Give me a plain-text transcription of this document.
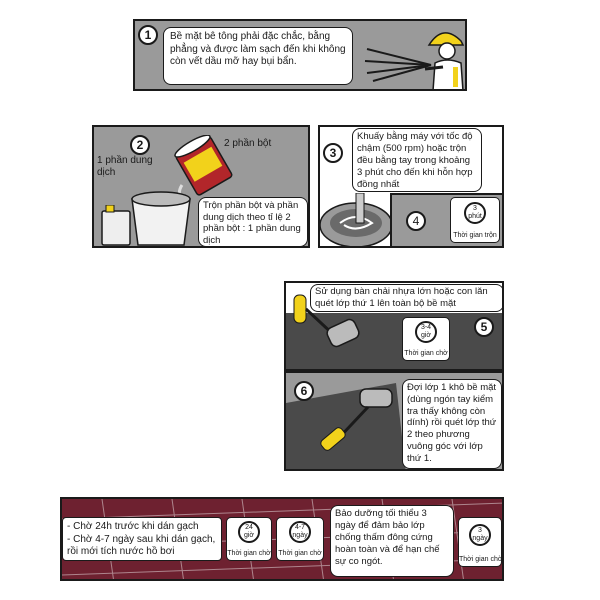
1	Bề mặt bê tông phải đặc chắc, bằng phẳng và được làm sạch đến khi không còn vết dầu mỡ hay bụi bẩn.
2	2 phần bột
1 phần dung dịch
Trộn phần bột và phần dung dịch theo tỉ lệ 2 phần bột : 1 phần dung dịch
3
Khuấy bằng máy với tốc độ chậm (500 rpm) hoặc trộn đều bằng tay trong khoảng 3 phút cho đến khi hỗn hợp đồng nhất
4
3 phút
Thời gian trộn
Sử dụng bàn chải nhựa lớn hoặc con lăn quét lớp thứ 1 lên toàn bộ bề mặt
5
3-4 giờ
Thời gian chờ
6	Đợi lớp 1 khô bề mặt (dùng ngón tay kiểm tra thấy không còn dính) rồi quét lớp thứ 2 theo phương vuông góc với lớp thứ 1.
- Chờ 24h trước khi dán gạch
- Chờ 4-7 ngày sau khi dán gạch, rồi mới tích nước hồ bơi
24 giờ
Thời gian chờ
4-7 ngày
Thời gian chờ
Bảo dưỡng tối thiểu 3 ngày để đảm bảo lớp chống thấm đông cứng hoàn toàn và để hạn chế sự co ngót.
3 ngày
Thời gian chờ
